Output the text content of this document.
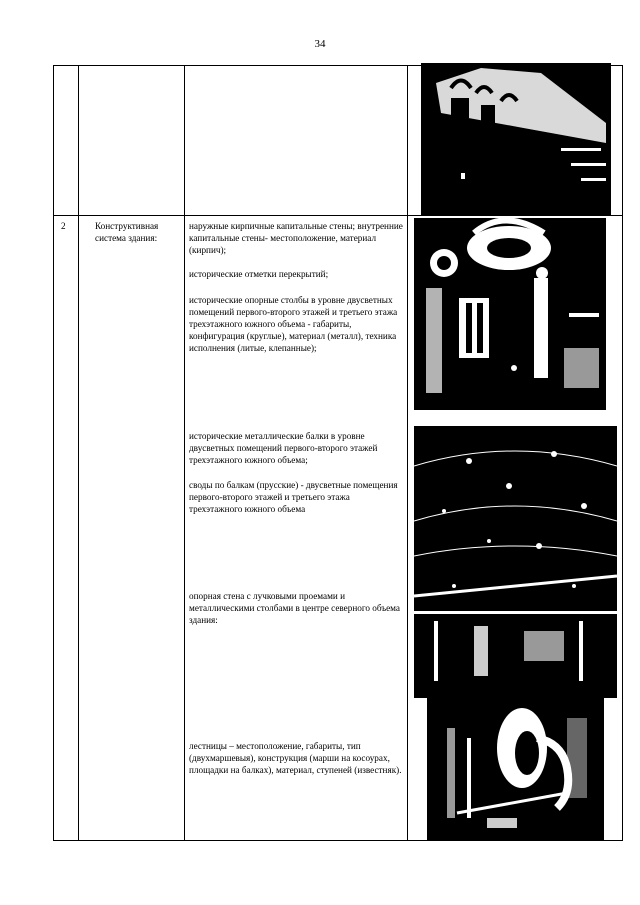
34
2	Конструктивная система здания:
наружные кирпичные капитальные стены; внутренние капитальные стены- местоположение, материал (кирпич);
исторические отметки перекрытий;
исторические опорные столбы в уровне двусветных помещений первого-второго этажей и третьего этажа трехэтажного южного объема - габариты, конфигурация (круглые), материал (металл), техника исполнения (литые, клепанные);
исторические металлические балки в уровне двусветных помещений первого-второго этажей трехэтажного южного объема;
своды по балкам (прусские) - двусветные помещения первого-второго этажей и третьего этажа трехэтажного южного объема
опорная стена с лучковыми проемами и металлическими столбами в центре северного объема здания:
лестницы – местоположение, габариты, тип (двухмаршевыя), конструкция (марши на косоурах, площадки на балках), материал, ступеней (известняк).
